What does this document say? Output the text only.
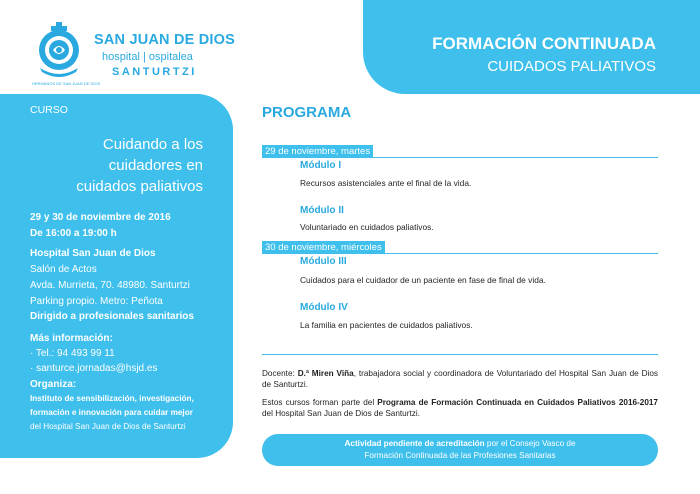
SAN JUAN DE DIOS
hospital | ospitalea
SANTURTZI
HERMANOS DE SAN JUAN DE DIOS
FORMACIÓN CONTINUADA
CUIDADOS PALIATIVOS
CURSO
Cuidando a los
cuidadores en
cuidados paliativos
29 y 30 de noviembre de 2016
De 16:00 a 19:00 h
Hospital San Juan de Dios
Salón de Actos
Avda. Murrieta, 70. 48980. Santurtzi
Parking propio. Metro: Peñota
Dirigido a profesionales sanitarios
Más información:
· Tel.: 94 493 99 11
· santurce.jornadas@hsjd.es
Organiza:
Instituto de sensibilización, investigación,
formación e innovación para cuidar mejor
del Hospital San Juan de Dios de Santurtzi
PROGRAMA
29 de noviembre, martes
Módulo I
Recursos asistenciales ante el final de la vida.
Módulo II
Voluntariado en cuidados paliativos.
30 de noviembre, miércoles
Módulo III
Cuidados para el cuidador de un paciente en fase de final de vida.
Módulo IV
La familia en pacientes de cuidados paliativos.
Docente: D.ª Miren Viña, trabajadora social y coordinadora de Voluntariado del Hospital San Juan de Dios de Santurtzi.
Estos cursos forman parte del Programa de Formación Continuada en Cuidados Paliativos 2016-2017 del Hospital San Juan de Dios de Santurtzi.
Actividad pendiente de acreditación por el Consejo Vasco de
Formación Continuada de las Profesiones Sanitarias
